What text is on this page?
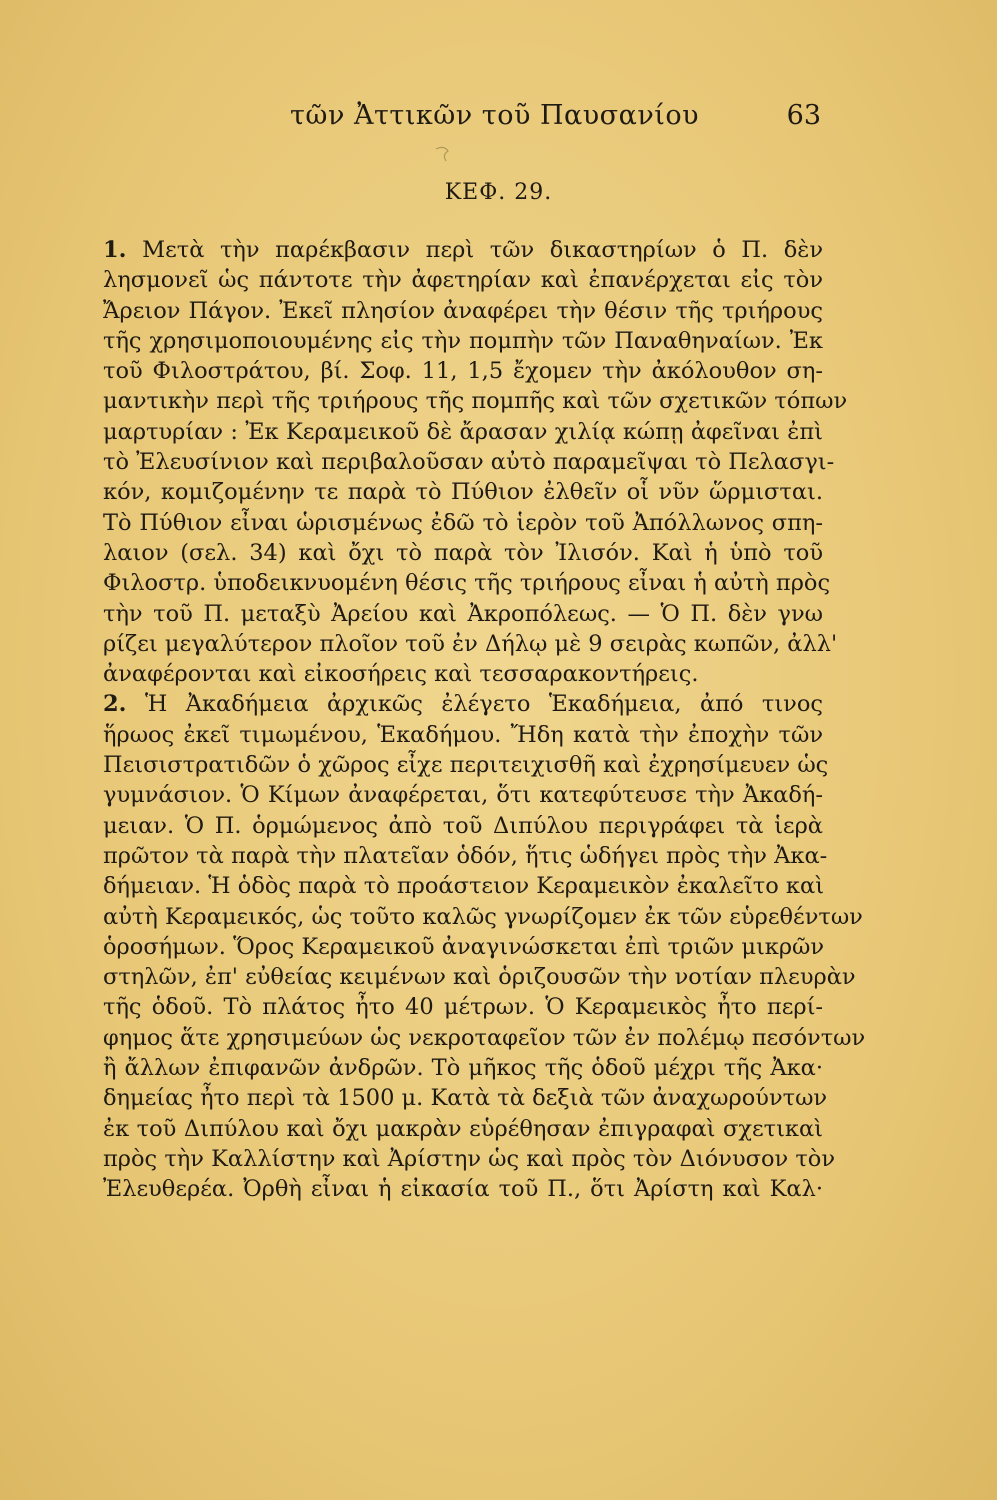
τῶν Ἀττικῶν τοῦ Παυσανίου	63
ΚΕΦ. 29.

1. Μετὰ τὴν παρέκβασιν περὶ τῶν δικαστηρίων ὁ Π. δὲν
λησμονεῖ ὡς πάντοτε τὴν ἀφετηρίαν καὶ ἐπανέρχεται εἰς τὸν
Ἄρειον Πάγον. Ἐκεῖ πλησίον ἀναφέρει τὴν θέσιν τῆς τριήρους
τῆς χρησιμοποιουμένης εἰς τὴν πομπὴν τῶν Παναθηναίων. Ἐκ
τοῦ Φιλοστράτου, βί. Σοφ. 11, 1,5 ἔχομεν τὴν ἀκόλουθον ση-
μαντικὴν περὶ τῆς τριήρους τῆς πομπῆς καὶ τῶν σχετικῶν τόπων
μαρτυρίαν : Ἐκ Κεραμεικοῦ δὲ ἄρασαν χιλίᾳ κώπῃ ἀφεῖναι ἐπὶ
τὸ Ἐλευσίνιον καὶ περιβαλοῦσαν αὐτὸ παραμεῖψαι τὸ Πελασγι-
κόν, κομιζομένην τε παρὰ τὸ Πύθιον ἐλθεῖν οἷ νῦν ὥρμισται.
Τὸ Πύθιον εἶναι ὡρισμένως ἐδῶ τὸ ἱερὸν τοῦ Ἀπόλλωνος σπη-
λαιον (σελ. 34) καὶ ὄχι τὸ παρὰ τὸν Ἰλισόν. Καὶ ἡ ὑπὸ τοῦ
Φιλοστρ. ὑποδεικνυομένη θέσις τῆς τριήρους εἶναι ἡ αὐτὴ πρὸς
τὴν τοῦ Π. μεταξὺ Ἀρείου καὶ Ἀκροπόλεως. — Ὁ Π. δὲν γνω
ρίζει μεγαλύτερον πλοῖον τοῦ ἐν Δήλῳ μὲ 9 σειρὰς κωπῶν, ἀλλ'
ἀναφέρονται καὶ εἰκοσήρεις καὶ τεσσαρακοντήρεις.

2. Ἡ Ἀκαδήμεια ἀρχικῶς ἐλέγετο Ἑκαδήμεια, ἀπό τινος
ἥρωος ἐκεῖ τιμωμένου, Ἑκαδήμου. Ἤδη κατὰ τὴν ἐποχὴν τῶν
Πεισιστρατιδῶν ὁ χῶρος εἶχε περιτειχισθῆ καὶ ἐχρησίμευεν ὡς
γυμνάσιον. Ὁ Κίμων ἀναφέρεται, ὅτι κατεφύτευσε τὴν Ἀκαδή-
μειαν. Ὁ Π. ὁρμώμενος ἀπὸ τοῦ Διπύλου περιγράφει τὰ ἱερὰ
πρῶτον τὰ παρὰ τὴν πλατεῖαν ὁδόν, ἥτις ὡδήγει πρὸς τὴν Ἀκα-
δήμειαν. Ἡ ὁδὸς παρὰ τὸ προάστειον Κεραμεικὸν ἐκαλεῖτο καὶ
αὐτὴ Κεραμεικός, ὡς τοῦτο καλῶς γνωρίζομεν ἐκ τῶν εὑρεθέντων
ὁροσήμων. Ὅρος Κεραμεικοῦ ἀναγινώσκεται ἐπὶ τριῶν μικρῶν
στηλῶν, ἐπ' εὐθείας κειμένων καὶ ὁριζουσῶν τὴν νοτίαν πλευρὰν
τῆς ὁδοῦ. Τὸ πλάτος ἦτο 40 μέτρων. Ὁ Κεραμεικὸς ἦτο περί-
φημος ἅτε χρησιμεύων ὡς νεκροταφεῖον τῶν ἐν πολέμῳ πεσόντων
ἢ ἄλλων ἐπιφανῶν ἀνδρῶν. Τὸ μῆκος τῆς ὁδοῦ μέχρι τῆς Ἀκα·
δημείας ἦτο περὶ τὰ 1500 μ. Κατὰ τὰ δεξιὰ τῶν ἀναχωρούντων
ἐκ τοῦ Διπύλου καὶ ὄχι μακρὰν εὑρέθησαν ἐπιγραφαὶ σχετικαὶ
πρὸς τὴν Καλλίστην καὶ Ἀρίστην ὡς καὶ πρὸς τὸν Διόνυσον τὸν
Ἐλευθερέα. Ὀρθὴ εἶναι ἡ εἰκασία τοῦ Π., ὅτι Ἀρίστη καὶ Καλ·
